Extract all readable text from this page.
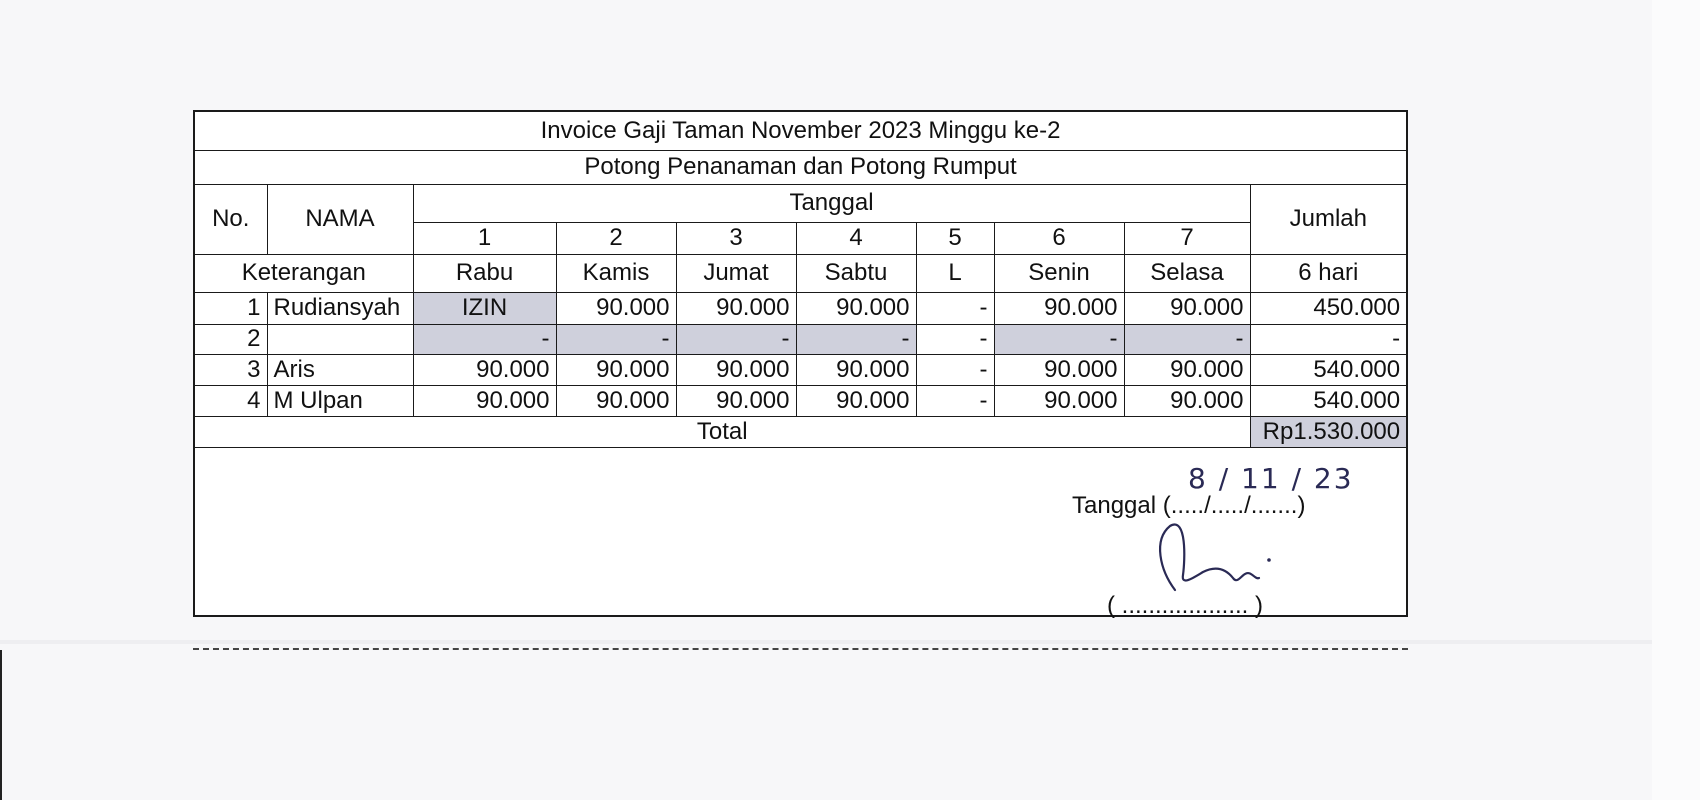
Invoice Gaji Taman November 2023 Minggu ke-2									
Potong Penanaman dan Potong Rumput									
No.	NAMA	Tanggal							Jumlah
		1	2	3	4	5	6	7	
Keterangan		Rabu	Kamis	Jumat	Sabtu	L	Senin	Selasa	6 hari
1	Rudiansyah	IZIN	90.000	90.000	90.000	-	90.000	90.000	450.000
2		-	-	-	-	-	-	-	-
3	Aris	90.000	90.000	90.000	90.000	-	90.000	90.000	540.000
4	M Ulpan	90.000	90.000	90.000	90.000	-	90.000	90.000	540.000
Total									Rp1.530.000
Tanggal (...../...../.......)
8 / 11 / 23
( ................... )
